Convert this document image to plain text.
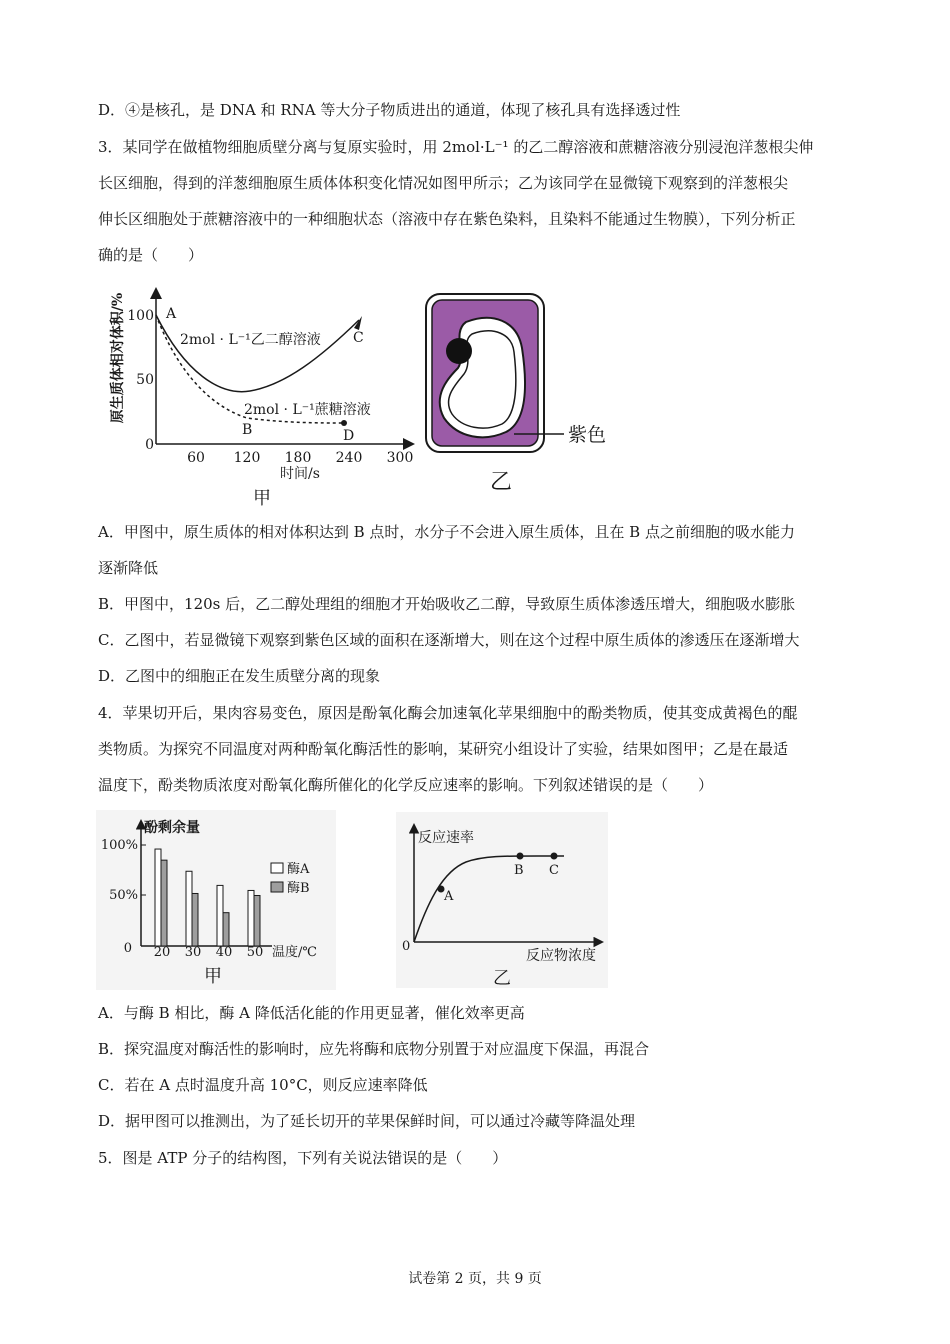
D．④是核孔，是 DNA 和 RNA 等大分子物质进出的通道，体现了核孔具有选择透过性
3．某同学在做植物细胞质壁分离与复原实验时，用 2mol·L⁻¹ 的乙二醇溶液和蔗糖溶液分别浸泡洋葱根尖伸
长区细胞，得到的洋葱细胞原生质体体积变化情况如图甲所示；乙为该同学在显微镜下观察到的洋葱根尖
伸长区细胞处于蔗糖溶液中的一种细胞状态（溶液中存在紫色染料，且染料不能通过生物膜），下列分析正
确的是（　　）
原生质体相对体积/% 100
50
0
60 120 180 240 300
时间/s
甲
A
B
C
D
2mol · L⁻¹乙二醇溶液
2mol · L⁻¹蔗糖溶液
紫色
乙
A．甲图中，原生质体的相对体积达到 B 点时，水分子不会进入原生质体，且在 B 点之前细胞的吸水能力
逐渐降低
B．甲图中，120s 后，乙二醇处理组的细胞才开始吸收乙二醇，导致原生质体渗透压增大，细胞吸水膨胀
C．乙图中，若显微镜下观察到紫色区域的面积在逐渐增大，则在这个过程中原生质体的渗透压在逐渐增大
D．乙图中的细胞正在发生质壁分离的现象
4．苹果切开后，果肉容易变色，原因是酚氧化酶会加速氧化苹果细胞中的酚类物质，使其变成黄褐色的醌
类物质。为探究不同温度对两种酚氧化酶活性的影响，某研究小组设计了实验，结果如图甲；乙是在最适
温度下，酚类物质浓度对酚氧化酶所催化的化学反应速率的影响。下列叙述错误的是（　　）
酚剩余量
100%
50%
0 20 30 40 50 温度/℃
酶A
酶B
甲
反应速率
0
A
B C
反应物浓度
乙
A．与酶 B 相比，酶 A 降低活化能的作用更显著，催化效率更高
B．探究温度对酶活性的影响时，应先将酶和底物分别置于对应温度下保温，再混合
C．若在 A 点时温度升高 10°C，则反应速率降低
D．据甲图可以推测出，为了延长切开的苹果保鲜时间，可以通过冷藏等降温处理
5．图是 ATP 分子的结构图，下列有关说法错误的是（　　）
试卷第 2 页，共 9 页
